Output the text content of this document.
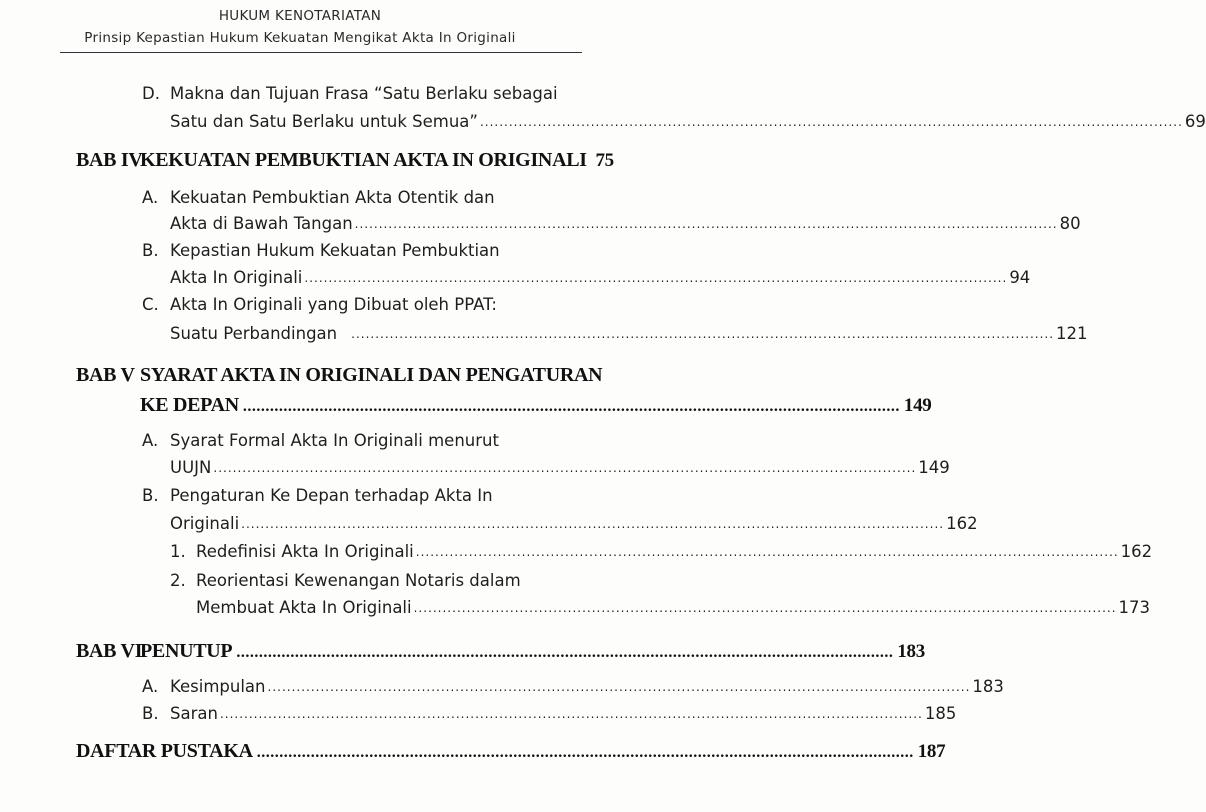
HUKUM KENOTARIATAN
Prinsip Kepastian Hukum Kekuatan Mengikat Akta In Originali
D. Makna dan Tujuan Frasa “Satu Berlaku sebagai
Satu dan Satu Berlaku untuk Semua” .................................................................................................................................................. 69
BAB IV
KEKUATAN PEMBUKTIAN AKTA IN ORIGINALI 75
A. Kekuatan Pembuktian Akta Otentik dan
Akta di Bawah Tangan .................................................................................................................................................. 80
B. Kepastian Hukum Kekuatan Pembuktian
Akta In Originali .................................................................................................................................................. 94
C. Akta In Originali yang Dibuat oleh PPAT:
Suatu Perbandingan .................................................................................................................................................. 121
BAB V SYARAT AKTA IN ORIGINALI DAN PENGATURAN
KE DEPAN .................................................................................................................................................. 149
A. Syarat Formal Akta In Originali menurut
UUJN .................................................................................................................................................. 149
B. Pengaturan Ke Depan terhadap Akta In
Originali .................................................................................................................................................. 162
1. Redefinisi Akta In Originali .................................................................................................................................................. 162
2. Reorientasi Kewenangan Notaris dalam
Membuat Akta In Originali .................................................................................................................................................. 173
BAB VI
PENUTUP .................................................................................................................................................. 183
A. Kesimpulan .................................................................................................................................................. 183
B. Saran .................................................................................................................................................. 185
DAFTAR PUSTAKA .................................................................................................................................................. 187
